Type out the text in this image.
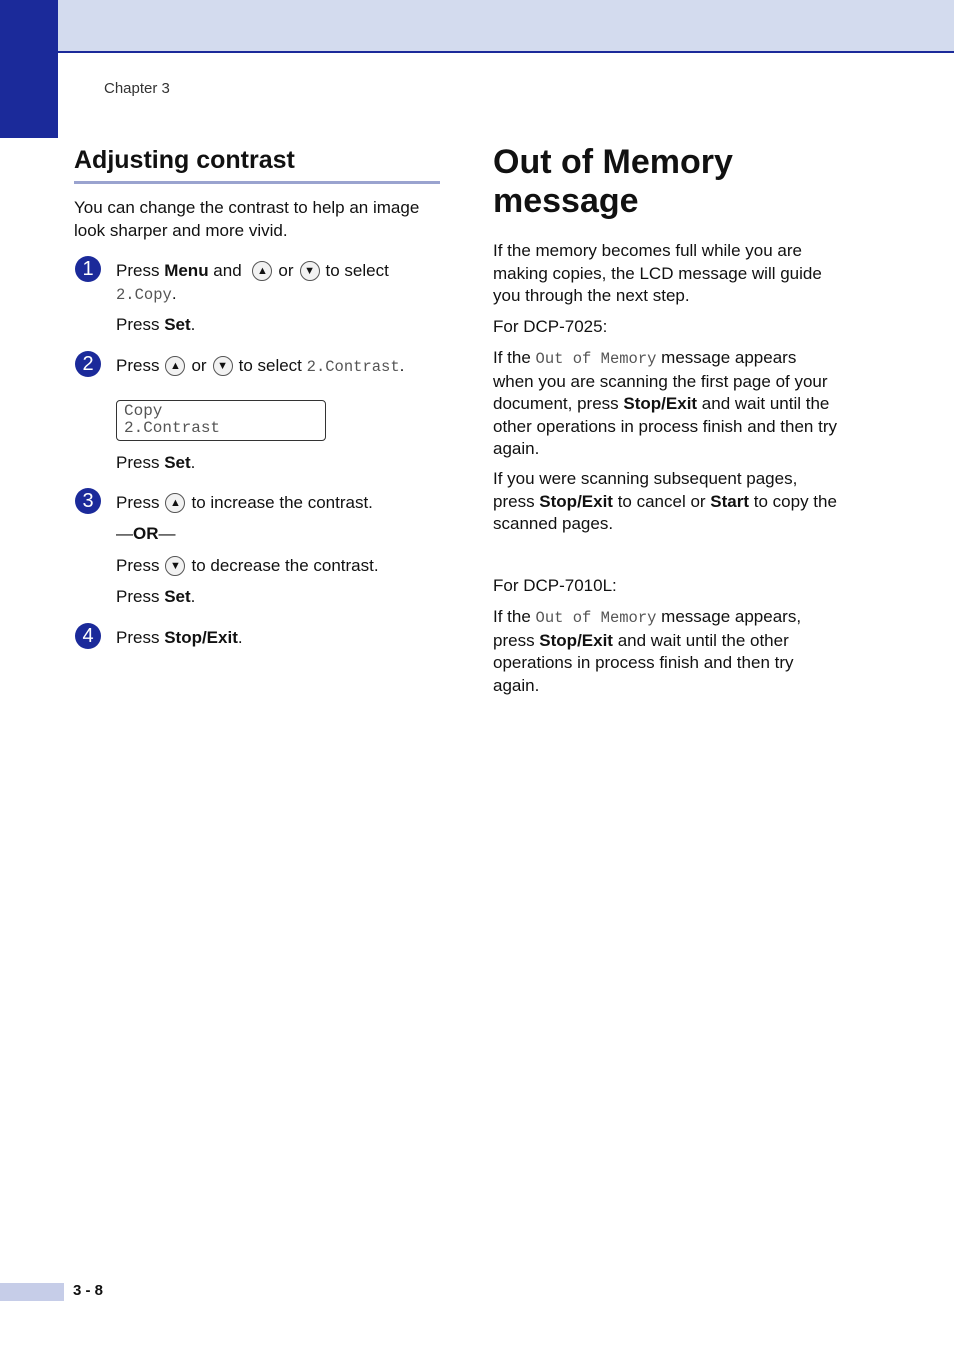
Chapter 3
Adjusting contrast
You can change the contrast to help an image
look sharper and more vivid.
1	Press Menu and ▲ or ▼ to select
2.Copy.
Press Set.
2	Press ▲ or ▼ to select 2.Contrast.
Copy
2.Contrast
Press Set.
3	Press ▲ to increase the contrast.
—OR—
Press ▼ to decrease the contrast.
Press Set.
4	Press Stop/Exit.
Out of Memory
message
If the memory becomes full while you are
making copies, the LCD message will guide
you through the next step.
For DCP-7025:
If the Out of Memory message appears
when you are scanning the first page of your
document, press Stop/Exit and wait until the
other operations in process finish and then try
again.
If you were scanning subsequent pages,
press Stop/Exit to cancel or Start to copy the
scanned pages.
For DCP-7010L:
If the Out of Memory message appears,
press Stop/Exit and wait until the other
operations in process finish and then try
again.
3 - 8
